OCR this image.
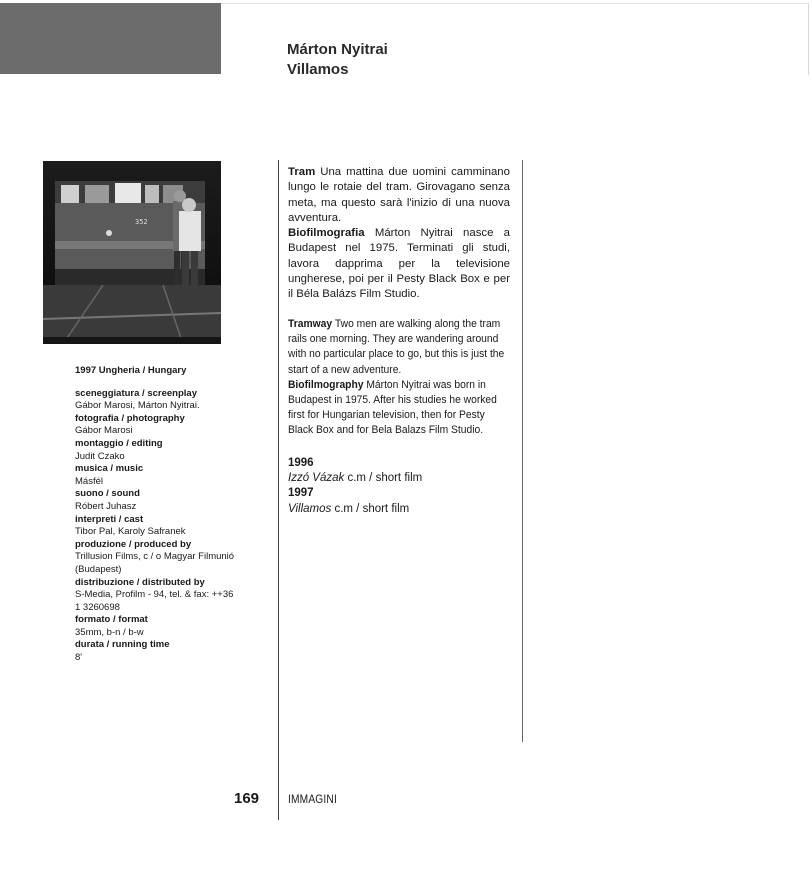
Márton Nyitrai
Villamos
352
1997 Ungheria / Hungary
sceneggiatura / screenplay
Gábor Marosi, Márton Nyitrai.
fotografia / photography
Gábor Marosi
montaggio / editing
Judit Czako
musica / music
Másfél
suono / sound
Róbert Juhasz
interpreti / cast
Tibor Pal, Karoly Safranek
produzione / produced by
Trillusion Films, c / o Magyar Filmunió (Budapest)
distribuzione / distributed by
S-Media, Profilm - 94, tel. & fax: ++36 1 3260698
formato / format
35mm, b-n / b-w
durata / running time
8'
Tram Una mattina due uomini camminano lungo le rotaie del tram. Girovagano senza meta, ma questo sarà l'inizio di una nuova avventura.
Biofilmografia Márton Nyitrai nasce a Budapest nel 1975. Terminati gli studi, lavora dapprima per la televisione ungherese, poi per il Pesty Black Box e per il Béla Balázs Film Studio.
Tramway Two men are walking along the tram rails one morning. They are wandering around with no particular place to go, but this is just the start of a new adventure.
Biofilmography Márton Nyitrai was born in Budapest in 1975. After his studies he worked first for Hungarian television, then for Pesty Black Box and for Bela Balazs Film Studio.
1996
Izzó Vázak c.m / short film
1997
Villamos c.m / short film
169 IMMAGINI
